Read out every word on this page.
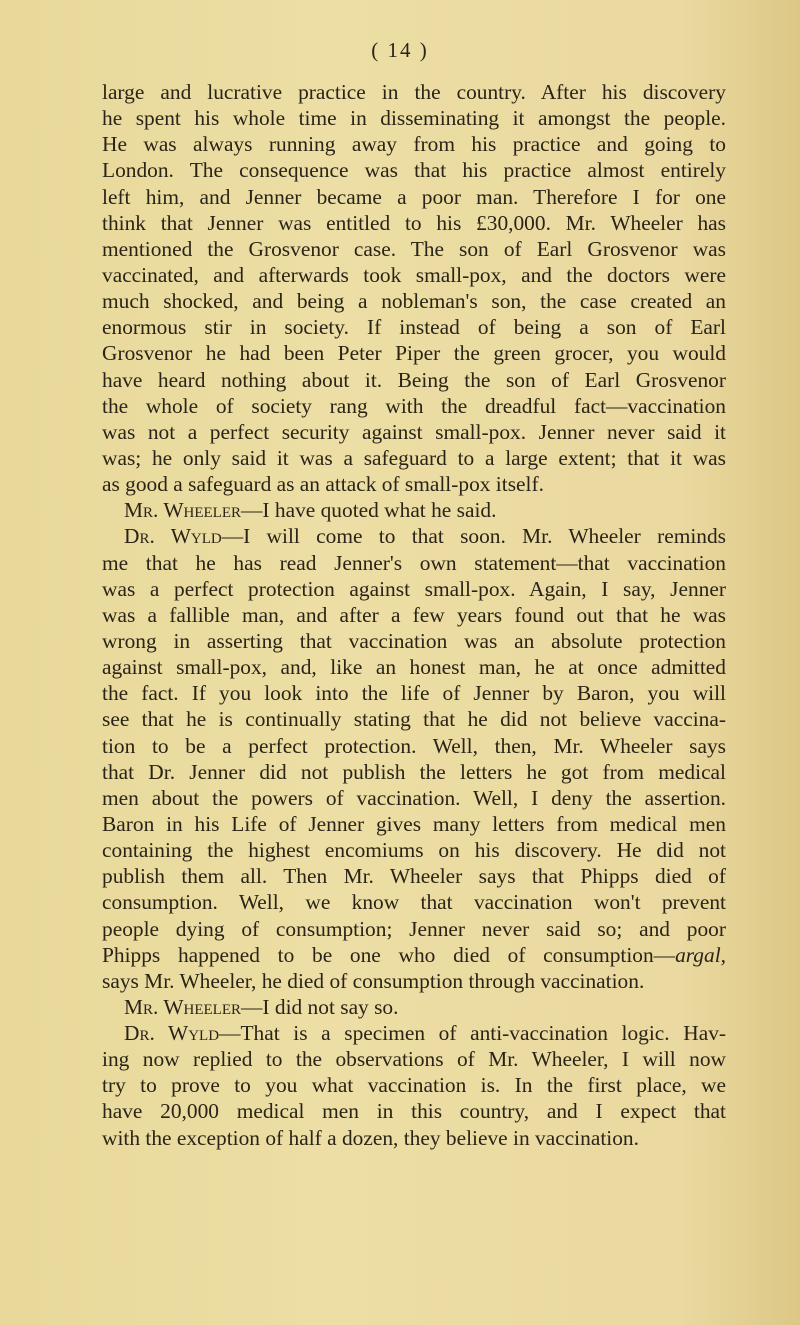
( 14 )
large and lucrative practice in the country. After his discovery
he spent his whole time in disseminating it amongst the people.
He was always running away from his practice and going to
London. The consequence was that his practice almost entirely
left him, and Jenner became a poor man. Therefore I for one
think that Jenner was entitled to his £30,000. Mr. Wheeler has
mentioned the Grosvenor case. The son of Earl Grosvenor was
vaccinated, and afterwards took small-pox, and the doctors were
much shocked, and being a nobleman's son, the case created an
enormous stir in society. If instead of being a son of Earl
Grosvenor he had been Peter Piper the green grocer, you would
have heard nothing about it. Being the son of Earl Grosvenor
the whole of society rang with the dreadful fact—vaccination
was not a perfect security against small-pox. Jenner never said it
was; he only said it was a safeguard to a large extent; that it was
as good a safeguard as an attack of small-pox itself.
Mr. Wheeler—I have quoted what he said.
Dr. Wyld—I will come to that soon. Mr. Wheeler reminds
me that he has read Jenner's own statement—that vaccination
was a perfect protection against small-pox. Again, I say, Jenner
was a fallible man, and after a few years found out that he was
wrong in asserting that vaccination was an absolute protection
against small-pox, and, like an honest man, he at once admitted
the fact. If you look into the life of Jenner by Baron, you will
see that he is continually stating that he did not believe vaccina-
tion to be a perfect protection. Well, then, Mr. Wheeler says
that Dr. Jenner did not publish the letters he got from medical
men about the powers of vaccination. Well, I deny the assertion.
Baron in his Life of Jenner gives many letters from medical men
containing the highest encomiums on his discovery. He did not
publish them all. Then Mr. Wheeler says that Phipps died of
consumption. Well, we know that vaccination won't prevent
people dying of consumption; Jenner never said so; and poor
Phipps happened to be one who died of consumption—argal,
says Mr. Wheeler, he died of consumption through vaccination.
Mr. Wheeler—I did not say so.
Dr. Wyld—That is a specimen of anti-vaccination logic. Hav-
ing now replied to the observations of Mr. Wheeler, I will now
try to prove to you what vaccination is. In the first place, we
have 20,000 medical men in this country, and I expect that
with the exception of half a dozen, they believe in vaccination.
